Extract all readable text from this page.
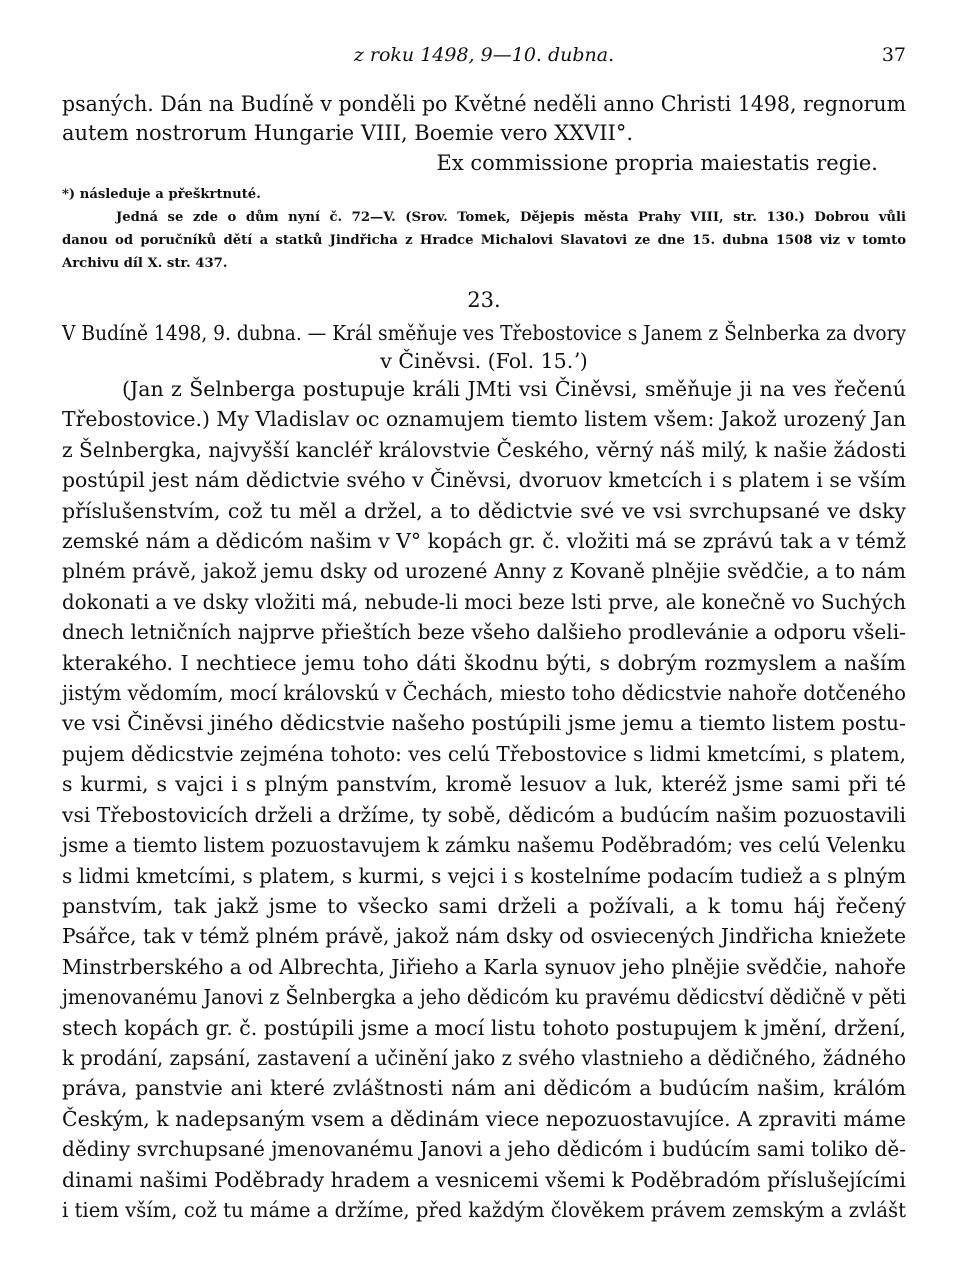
z roku 1498, 9—10. dubna.	37
psaných. Dán na Budíně v ponděli po Květné neděli anno Christi 1498, regnorum
autem nostrorum Hungarie VIII, Boemie vero XXVII°.
Ex commissione propria maiestatis regie.
*) následuje a přeškrtnuté.
Jedná se zde o dům nyní č. 72—V. (Srov. Tomek, Dějepis města Prahy VIII, str. 130.) Dobrou vůli
danou od poručníků dětí a statků Jindřicha z Hradce Michalovi Slavatovi ze dne 15. dubna 1508 viz v tomto
Archivu díl X. str. 437.
23.
V Budíně 1498, 9. dubna. — Král směňuje ves Třebostovice s Janem z Šelnberka za dvory
v Činěvsi. (Fol. 15.ʼ)
(Jan z Šelnberga postupuje králi JMti vsi Činěvsi, směňuje ji na ves řečenú
Třebostovice.) My Vladislav oc oznamujem tiemto listem všem: Jakož urozený Jan
z Šelnbergka, najvyšší kancléř královstvie Českého, věrný náš milý, k našie žádosti
postúpil jest nám dědictvie svého v Činěvsi, dvoruov kmetcích i s platem i se vším
příslušenstvím, což tu měl a držel, a to dědictvie své ve vsi svrchupsané ve dsky
zemské nám a dědicóm našim v V° kopách gr. č. vložiti má se zprávú tak a v témž
plném právě, jakož jemu dsky od urozené Anny z Kovaně plnějie svědčie, a to nám
dokonati a ve dsky vložiti má, nebude-li moci beze lsti prve, ale konečně vo Suchých
dnech letničních najprve přieštích beze všeho dalšieho prodlevánie a odporu všeli-
kterakého. I nechtiece jemu toho dáti škodnu býti, s dobrým rozmyslem a naším
jistým vědomím, mocí královskú v Čechách, miesto toho dědicstvie nahoře dotčeného
ve vsi Činěvsi jiného dědicstvie našeho postúpili jsme jemu a tiemto listem postu-
pujem dědicstvie zejména tohoto: ves celú Třebostovice s lidmi kmetcími, s platem,
s kurmi, s vajci i s plným panstvím, kromě lesuov a luk, kteréž jsme sami při té
vsi Třebostovicích drželi a držíme, ty sobě, dědicóm a budúcím našim pozuostavili
jsme a tiemto listem pozuostavujem k zámku našemu Poděbradóm; ves celú Velenku
s lidmi kmetcími, s platem, s kurmi, s vejci i s kostelníme podacím tudiež a s plným
panstvím, tak jakž jsme to všecko sami drželi a požívali, a k tomu háj řečený
Psářce, tak v témž plném právě, jakož nám dsky od osviecených Jindřicha kniežete
Minstrberského a od Albrechta, Jiřieho a Karla synuov jeho plnějie svědčie, nahoře
jmenovanému Janovi z Šelnbergka a jeho dědicóm ku pravému dědicství dědičně v pěti
stech kopách gr. č. postúpili jsme a mocí listu tohoto postupujem k jmění, držení,
k prodání, zapsání, zastavení a učinění jako z svého vlastnieho a dědičného, žádného
práva, panstvie ani které zvláštnosti nám ani dědicóm a budúcím našim, králóm
Českým, k nadepsaným vsem a dědinám viece nepozuostavujíce. A zpraviti máme
dědiny svrchupsané jmenovanému Janovi a jeho dědicóm i budúcím sami toliko dě-
dinami našimi Poděbrady hradem a vesnicemi všemi k Poděbradóm příslušejícími
i tiem vším, což tu máme a držíme, před každým člověkem právem zemským a zvlášt
